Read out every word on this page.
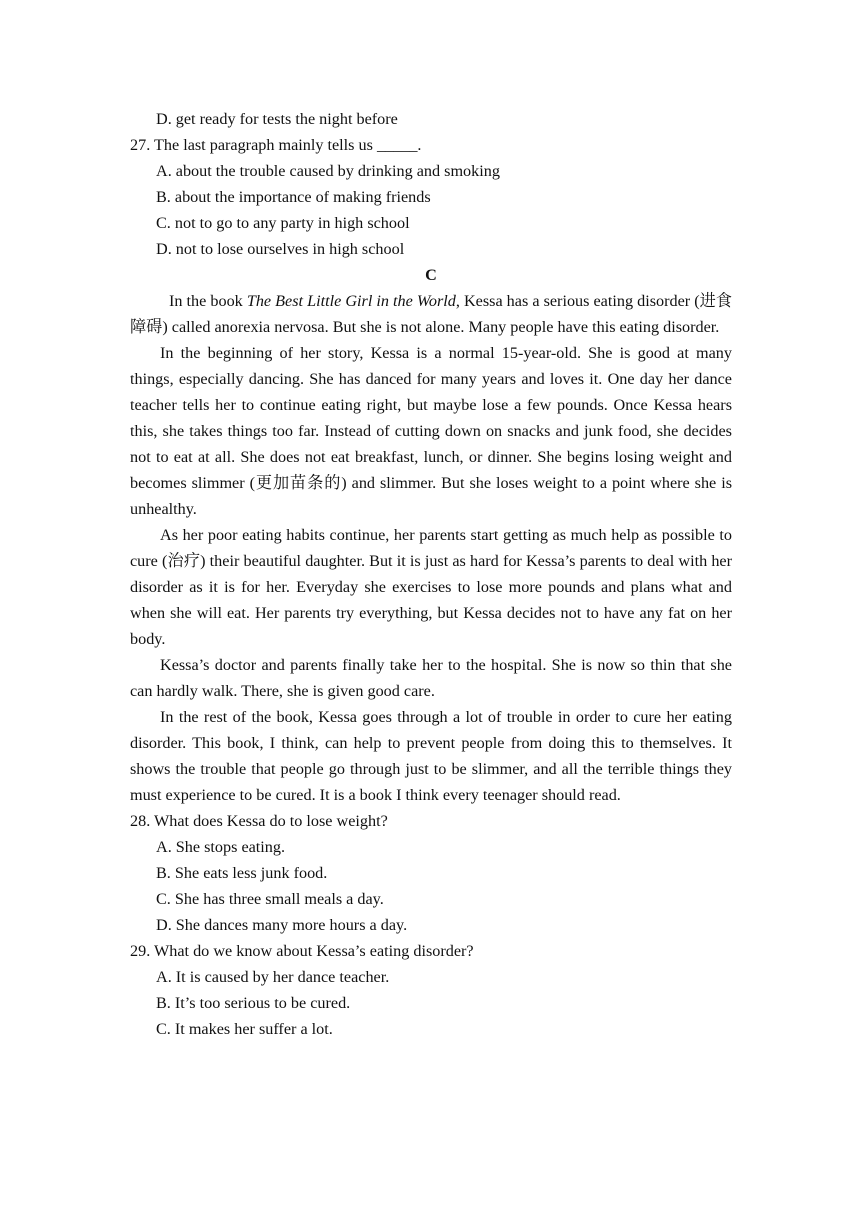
D. get ready for tests the night before
27. The last paragraph mainly tells us _____.
A. about the trouble caused by drinking and smoking
B. about the importance of making friends
C. not to go to any party in high school
D. not to lose ourselves in high school
C

In the book The Best Little Girl in the World, Kessa has a serious eating disorder (进食障碍) called anorexia nervosa. But she is not alone. Many people have this eating disorder.

In the beginning of her story, Kessa is a normal 15-year-old. She is good at many things, especially dancing. She has danced for many years and loves it. One day her dance teacher tells her to continue eating right, but maybe lose a few pounds. Once Kessa hears this, she takes things too far. Instead of cutting down on snacks and junk food, she decides not to eat at all. She does not eat breakfast, lunch, or dinner. She begins losing weight and becomes slimmer (更加苗条的) and slimmer. But she loses weight to a point where she is unhealthy.

As her poor eating habits continue, her parents start getting as much help as possible to cure (治疗) their beautiful daughter. But it is just as hard for Kessa’s parents to deal with her disorder as it is for her. Everyday she exercises to lose more pounds and plans what and when she will eat. Her parents try everything, but Kessa decides not to have any fat on her body.

Kessa’s doctor and parents finally take her to the hospital. She is now so thin that she can hardly walk. There, she is given good care.

In the rest of the book, Kessa goes through a lot of trouble in order to cure her eating disorder. This book, I think, can help to prevent people from doing this to themselves. It shows the trouble that people go through just to be slimmer, and all the terrible things they must experience to be cured. It is a book I think every teenager should read.

28. What does Kessa do to lose weight?
A. She stops eating.
B. She eats less junk food.
C. She has three small meals a day.
D. She dances many more hours a day.
29. What do we know about Kessa’s eating disorder?
A. It is caused by her dance teacher.
B. It’s too serious to be cured.
C. It makes her suffer a lot.
